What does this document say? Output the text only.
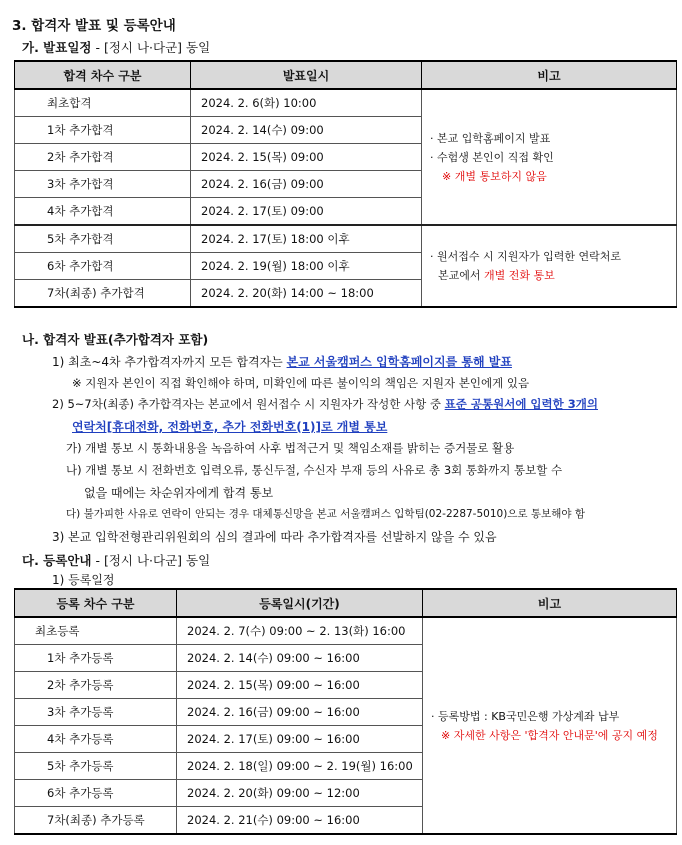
3. 합격자 발표 및 등록안내
가. 발표일정 - [정시 나·다군] 동일
합격 차수 구분	발표일시	비고
최초합격	2024. 2. 6(화) 10:00	· 본교 입학홈페이지 발표
· 수험생 본인이 직접 확인
※ 개별 통보하지 않음

1차 추가합격	2024. 2. 14(수) 09:00	
2차 추가합격	2024. 2. 15(목) 09:00	
3차 추가합격	2024. 2. 16(금) 09:00	
4차 추가합격	2024. 2. 17(토) 09:00	
5차 추가합격	2024. 2. 17(토) 18:00 이후	· 원서접수 시 지원자가 입력한 연락처로
본교에서 개별 전화 통보

6차 추가합격	2024. 2. 19(월) 18:00 이후	
7차(최종) 추가합격	2024. 2. 20(화) 14:00 ~ 18:00	
나. 합격자 발표(추가합격자 포함)
1) 최초~4차 추가합격자까지 모든 합격자는 본교 서울캠퍼스 입학홈페이지를 통해 발표
※ 지원자 본인이 직접 확인해야 하며, 미확인에 따른 불이익의 책임은 지원자 본인에게 있음
2) 5~7차(최종) 추가합격자는 본교에서 원서접수 시 지원자가 작성한 사항 중 표준 공통원서에 입력한 3개의
연락처[휴대전화, 전화번호, 추가 전화번호(1)]로 개별 통보
가) 개별 통보 시 통화내용을 녹음하여 사후 법적근거 및 책임소재를 밝히는 증거물로 활용
나) 개별 통보 시 전화번호 입력오류, 통신두절, 수신자 부재 등의 사유로 총 3회 통화까지 통보할 수
없을 때에는 차순위자에게 합격 통보
다) 불가피한 사유로 연락이 안되는 경우 대체통신망을 본교 서울캠퍼스 입학팀(02-2287-5010)으로 통보해야 함
3) 본교 입학전형관리위원회의 심의 결과에 따라 추가합격자를 선발하지 않을 수 있음
다. 등록안내 - [정시 나·다군] 동일
1) 등록일정
등록 차수 구분	등록일시(기간)	비고
최초등록	2024. 2. 7(수) 09:00 ~ 2. 13(화) 16:00	· 등록방법 : KB국민은행 가상계좌 납부
※ 자세한 사항은 '합격자 안내문'에 공지 예정

1차 추가등록	2024. 2. 14(수) 09:00 ~ 16:00	
2차 추가등록	2024. 2. 15(목) 09:00 ~ 16:00	
3차 추가등록	2024. 2. 16(금) 09:00 ~ 16:00	
4차 추가등록	2024. 2. 17(토) 09:00 ~ 16:00	
5차 추가등록	2024. 2. 18(일) 09:00 ~ 2. 19(월) 16:00	
6차 추가등록	2024. 2. 20(화) 09:00 ~ 12:00	
7차(최종) 추가등록	2024. 2. 21(수) 09:00 ~ 16:00	
